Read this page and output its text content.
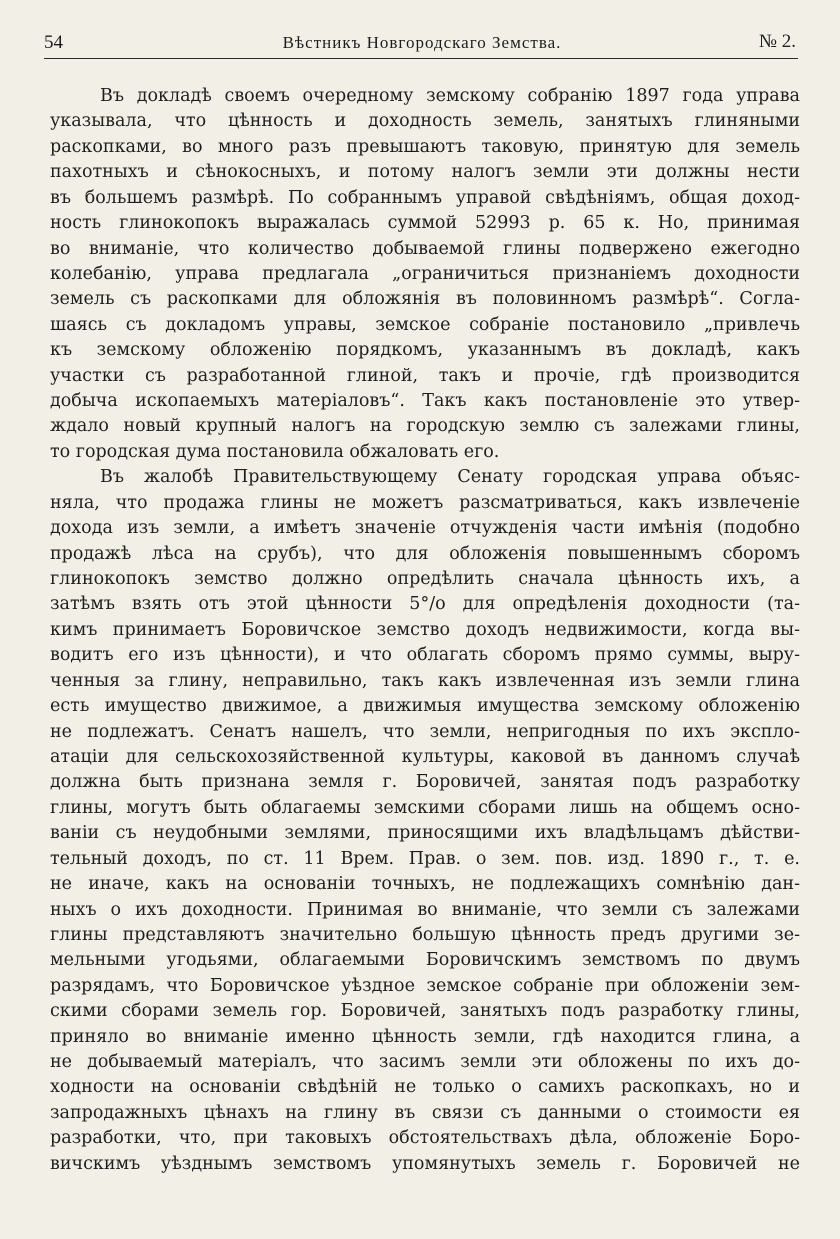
54	Вѣстникъ Новгородскаго Земства.	№ 2.
Въ докладѣ своемъ очередному земскому собранію 1897 года управа
указывала, что цѣнность и доходность земель, занятыхъ глиняными
раскопками, во много разъ превышаютъ таковую, принятую для земель
пахотныхъ и сѣнокосныхъ, и потому налогъ земли эти должны нести
въ большемъ размѣрѣ. По собраннымъ управой свѣдѣніямъ, общая доход-
ность глинокопокъ выражалась суммой 52993 р. 65 к. Но, принимая
во вниманіе, что количество добываемой глины подвержено ежегодно
колебанію, управа предлагала „ограничиться признаніемъ доходности
земель съ раскопками для обложянія въ половинномъ размѣрѣ“. Согла-
шаясь съ докладомъ управы, земское собраніе постановило „привлечь
къ земскому обложенію порядкомъ, указаннымъ въ докладѣ, какъ
участки съ разработанной глиной, такъ и прочіе, гдѣ производится
добыча ископаемыхъ матеріаловъ“. Такъ какъ постановленіе это утвер-
ждало новый крупный налогъ на городскую землю съ залежами глины,
то городская дума постановила обжаловать его.
Въ жалобѣ Правительствующему Сенату городская управа объяс-
няла, что продажа глины не можетъ разсматриваться, какъ извлеченіе
дохода изъ земли, а имѣетъ значеніе отчужденія части имѣнія (подобно
продажѣ лѣса на срубъ), что для обложенія повышеннымъ сборомъ
глинокопокъ земство должно опредѣлить сначала цѣнность ихъ, а
затѣмъ взять отъ этой цѣнности 5°/о для опредѣленія доходности (та-
кимъ принимаетъ Боровичское земство доходъ недвижимости, когда вы-
водитъ его изъ цѣнности), и что облагать сборомъ прямо суммы, выру-
ченныя за глину, неправильно, такъ какъ извлеченная изъ земли глина
есть имущество движимое, а движимыя имущества земскому обложенію
не подлежатъ. Сенатъ нашелъ, что земли, непригодныя по ихъ эксплo-
атаціи для сельскохозяйственной культуры, каковой въ данномъ случаѣ
должна быть признана земля г. Боровичей, занятая подъ разработку
глины, могутъ быть облагаемы земскими сборами лишь на общемъ осно-
ваніи съ неудобными землями, приносящими ихъ владѣльцамъ дѣйстви-
тельный доходъ, по ст. 11 Врем. Прав. о зем. пов. изд. 1890 г., т. е.
не иначе, какъ на основаніи точныхъ, не подлежащихъ сомнѣнію дан-
ныхъ о ихъ доходности. Принимая во вниманіе, что земли съ залежами
глины представляютъ значительно большую цѣнность предъ другими зе-
мельными угодьями, облагаемыми Боровичскимъ земствомъ по двумъ
разрядамъ, что Боровичское уѣздное земское собраніе при обложеніи зем-
скими сборами земель гор. Боровичей, занятыхъ подъ разработку глины,
приняло во вниманіе именно цѣнность земли, гдѣ находится глина, а
не добываемый матеріалъ, что засимъ земли эти обложены по ихъ до-
ходности на основаніи свѣдѣній не только о самихъ раскопкахъ, но и
запродажныхъ цѣнахъ на глину въ связи съ данными о стоимости ея
разработки, что, при таковыхъ обстоятельствахъ дѣла, обложеніе Боро-
вичскимъ уѣзднымъ земствомъ упомянутыхъ земель г. Боровичей не
